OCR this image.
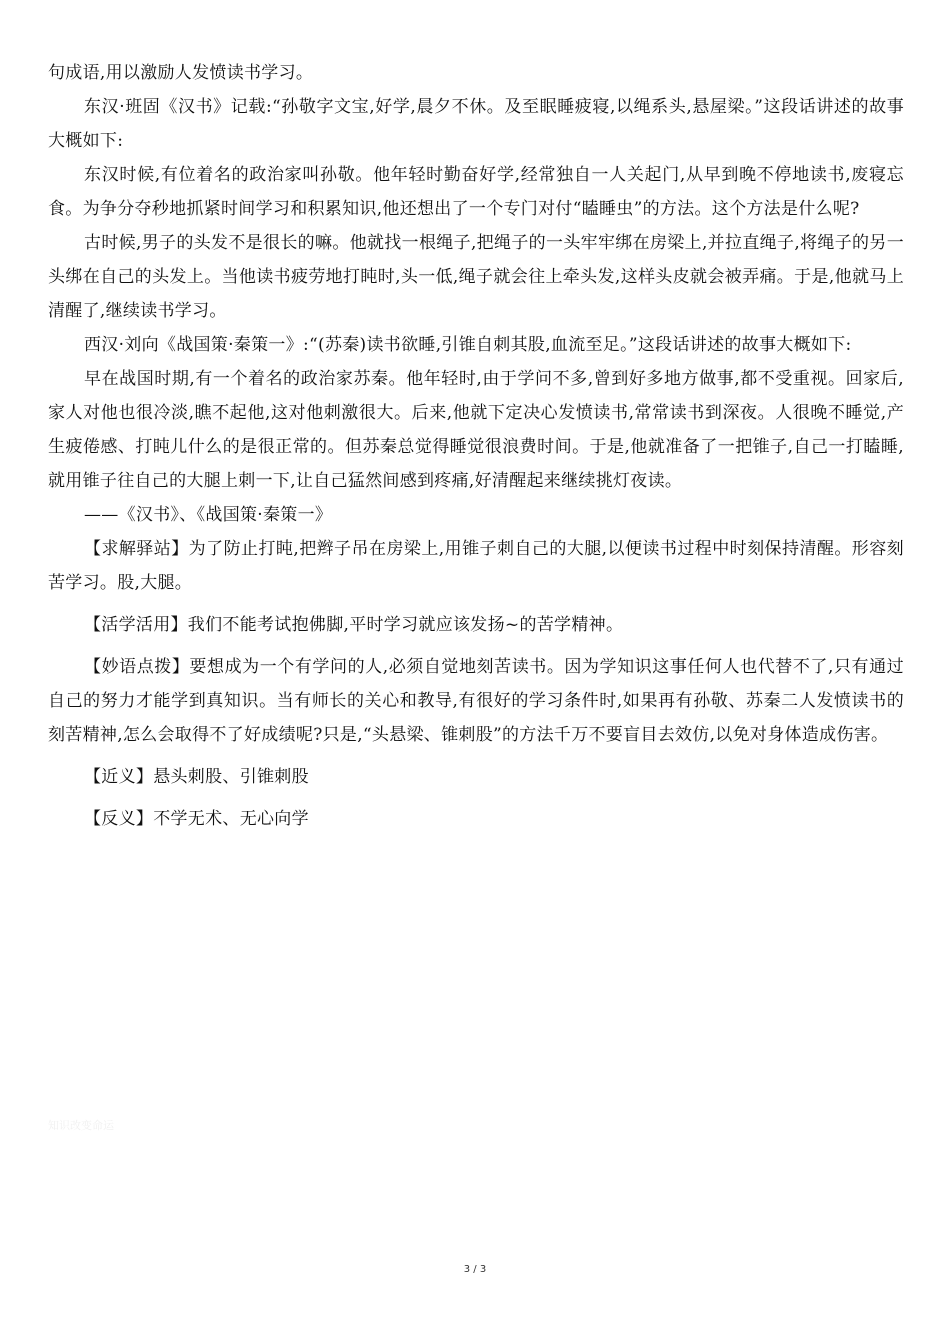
句成语,用以激励人发愤读书学习。

东汉·班固《汉书》记载:“孙敬字文宝,好学,晨夕不休。及至眠睡疲寝,以绳系头,悬屋梁。”这段话讲述的故事大概如下:

东汉时候,有位着名的政治家叫孙敬。他年轻时勤奋好学,经常独自一人关起门,从早到晚不停地读书,废寝忘食。为争分夺秒地抓紧时间学习和积累知识,他还想出了一个专门对付“瞌睡虫”的方法。这个方法是什么呢?

古时候,男子的头发不是很长的嘛。他就找一根绳子,把绳子的一头牢牢绑在房梁上,并拉直绳子,将绳子的另一头绑在自己的头发上。当他读书疲劳地打盹时,头一低,绳子就会往上牵头发,这样头皮就会被弄痛。于是,他就马上清醒了,继续读书学习。

西汉·刘向《战国策·秦策一》:“(苏秦)读书欲睡,引锥自刺其股,血流至足。”这段话讲述的故事大概如下:

早在战国时期,有一个着名的政治家苏秦。他年轻时,由于学问不多,曾到好多地方做事,都不受重视。回家后,家人对他也很冷淡,瞧不起他,这对他刺激很大。后来,他就下定决心发愤读书,常常读书到深夜。人很晚不睡觉,产生疲倦感、打盹儿什么的是很正常的。但苏秦总觉得睡觉很浪费时间。于是,他就准备了一把锥子,自己一打瞌睡,就用锥子往自己的大腿上刺一下,让自己猛然间感到疼痛,好清醒起来继续挑灯夜读。

——《汉书》、《战国策·秦策一》

【求解驿站】为了防止打盹,把辫子吊在房梁上,用锥子刺自己的大腿,以便读书过程中时刻保持清醒。形容刻苦学习。股,大腿。

【活学活用】我们不能考试抱佛脚,平时学习就应该发扬~的苦学精神。

【妙语点拨】要想成为一个有学问的人,必须自觉地刻苦读书。因为学知识这事任何人也代替不了,只有通过自己的努力才能学到真知识。当有师长的关心和教导,有很好的学习条件时,如果再有孙敬、苏秦二人发愤读书的刻苦精神,怎么会取得不了好成绩呢?只是,“头悬梁、锥刺股”的方法千万不要盲目去效仿,以免对身体造成伤害。

【近义】悬头刺股、引锥刺股

【反义】不学无术、无心向学

知识改变命运
3 / 3
